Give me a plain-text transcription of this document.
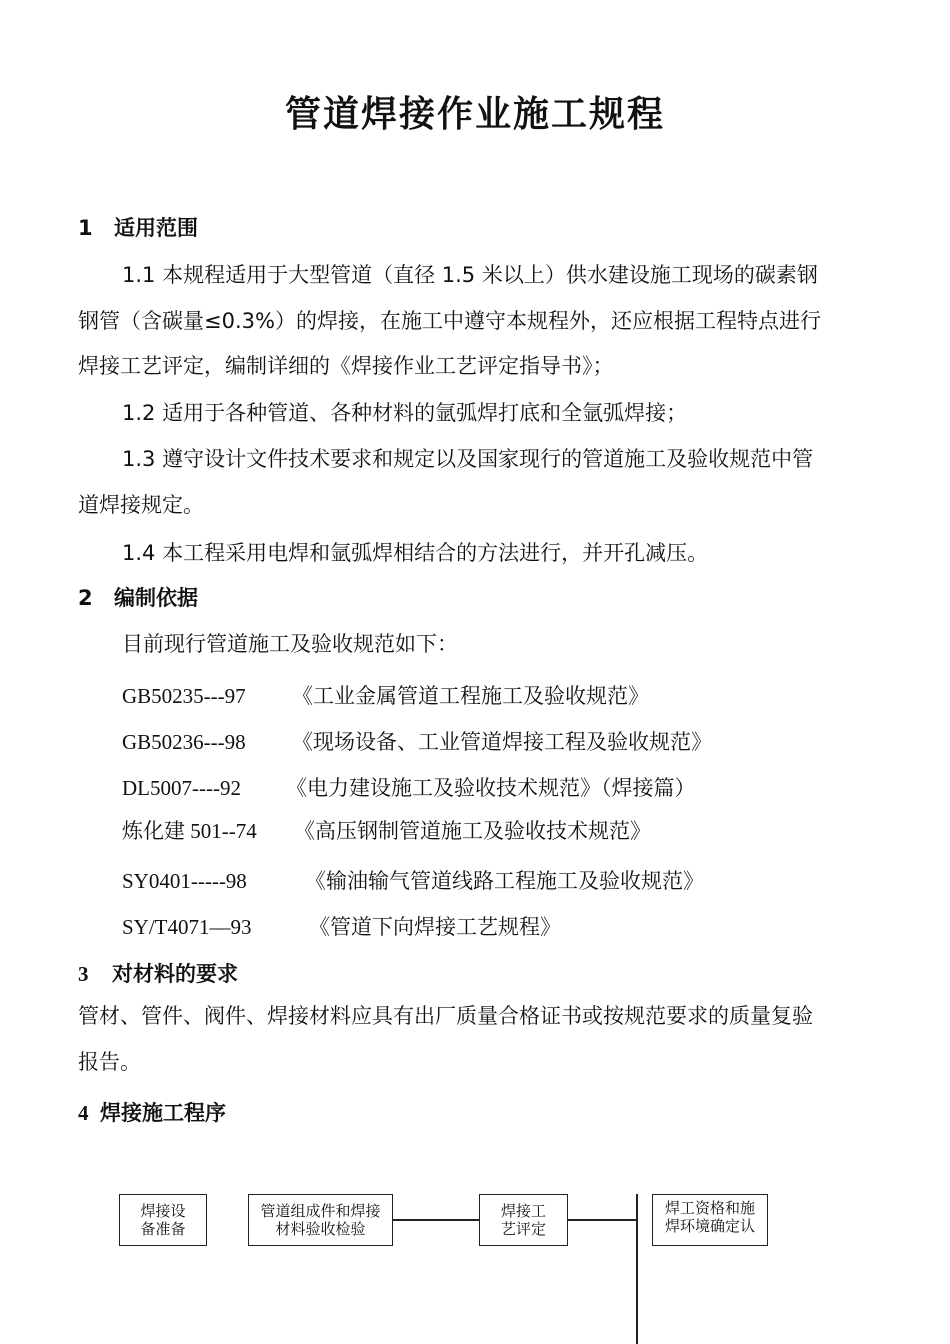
管道焊接作业施工规程
1 适用范围
1.1 本规程适用于大型管道（直径 1.5 米以上）供水建设施工现场的碳素钢
钢管（含碳量≤0.3%）的焊接，在施工中遵守本规程外，还应根据工程特点进行
焊接工艺评定，编制详细的《焊接作业工艺评定指导书》；
1.2 适用于各种管道、各种材料的氩弧焊打底和全氩弧焊接；
1.3 遵守设计文件技术要求和规定以及国家现行的管道施工及验收规范中管
道焊接规定。
1.4 本工程采用电焊和氩弧焊相结合的方法进行，并开孔减压。
2 编制依据
目前现行管道施工及验收规范如下：
GB50235---97 《工业金属管道工程施工及验收规范》
GB50236---98 《现场设备、工业管道焊接工程及验收规范》
DL5007----92 《电力建设施工及验收技术规范》（焊接篇）
炼化建 501--74 《高压钢制管道施工及验收技术规范》
SY0401-----98	《输油输气管道线路工程施工及验收规范》
SY/T4071—93	《管道下向焊接工艺规程》
3 对材料的要求
管材、管件、阀件、焊接材料应具有出厂质量合格证书或按规范要求的质量复验
报告。
4 焊接施工程序
焊接设备准备
管道组成件和焊接材料验收检验
焊接工艺评定
焊工资格和施焊环境确定认
